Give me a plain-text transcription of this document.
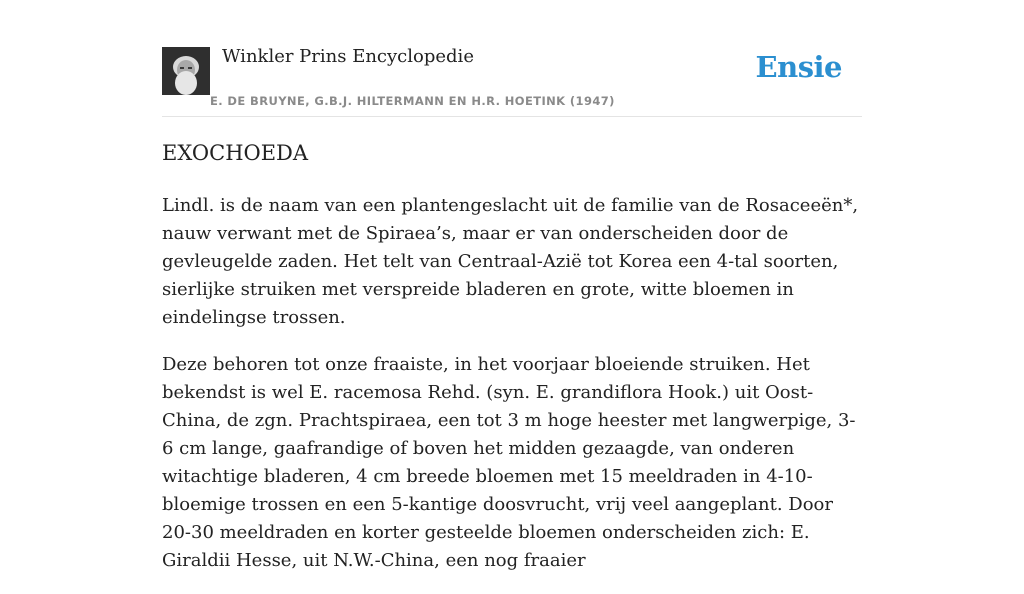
Winkler Prins Encyclopedie
E. DE BRUYNE, G.B.J. HILTERMANN EN H.R. HOETINK (1947)
Ensie
EXOCHOEDA

Lindl. is de naam van een plantengeslacht uit de familie van de Rosaceeën*, nauw verwant met de Spiraea’s, maar er van onderscheiden door de gevleugelde zaden. Het telt van Centraal-Azië tot Korea een 4-tal soorten, sierlijke struiken met verspreide bladeren en grote, witte bloemen in eindelingse trossen.

Deze behoren tot onze fraaiste, in het voorjaar bloeiende struiken. Het bekendst is wel E. racemosa Rehd. (syn. E. grandiflora Hook.) uit Oost-China, de zgn. Prachtspiraea, een tot 3 m hoge heester met langwerpige, 3-6 cm lange, gaafrandige of boven het midden gezaagde, van onderen witachtige bladeren, 4 cm breede bloemen met 15 meeldraden in 4-10-bloemige trossen en een 5-kantige doosvrucht, vrij veel aangeplant. Door 20-30 meeldraden en korter gesteelde bloemen onderscheiden zich: E. Giraldii Hesse, uit N.W.-China, een nog fraaier
